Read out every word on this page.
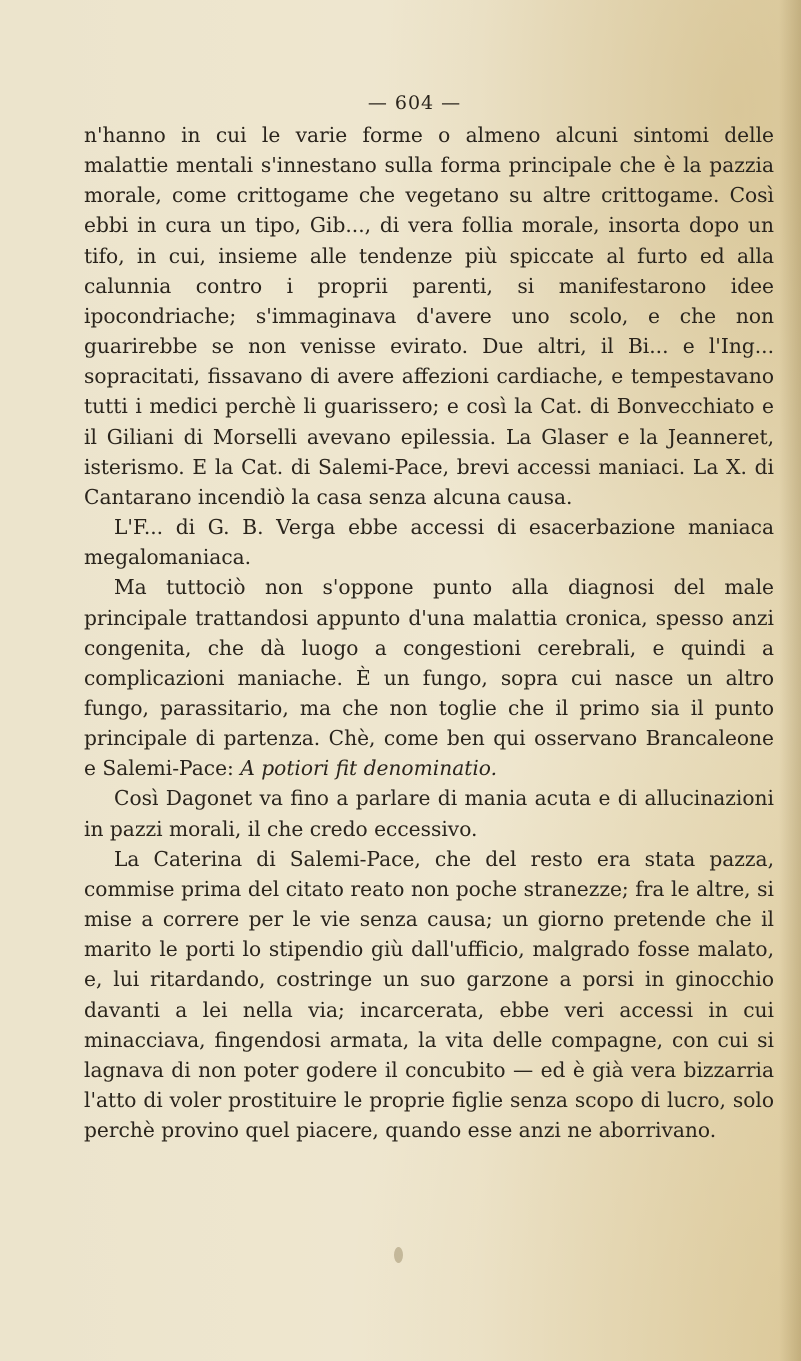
— 604 —

n'hanno in cui le varie forme o almeno alcuni sintomi delle malattie mentali s'innestano sulla forma principale che è la pazzia morale, come crittogame che vegetano su altre crittogame. Così ebbi in cura un tipo, Gib..., di vera follia morale, insorta dopo un tifo, in cui, insieme alle tendenze più spiccate al furto ed alla calunnia contro i proprii parenti, si manifestarono idee ipocondriache; s'immaginava d'avere uno scolo, e che non guarirebbe se non venisse evirato. Due altri, il Bi... e l'Ing... sopracitati, fissavano di avere affezioni cardiache, e tempestavano tutti i medici perchè li guarissero; e così la Cat. di Bonvecchiato e il Giliani di Morselli avevano epilessia. La Glaser e la Jeanneret, isterismo. E la Cat. di Salemi-Pace, brevi accessi maniaci. La X. di Cantarano incendiò la casa senza alcuna causa.

L'F... di G. B. Verga ebbe accessi di esacerbazione maniaca megalomaniaca.

Ma tuttociò non s'oppone punto alla diagnosi del male principale trattandosi appunto d'una malattia cronica, spesso anzi congenita, che dà luogo a congestioni cerebrali, e quindi a complicazioni maniache. È un fungo, sopra cui nasce un altro fungo, parassitario, ma che non toglie che il primo sia il punto principale di partenza. Chè, come ben qui osservano Brancaleone e Salemi-Pace: A potiori fit denominatio.

Così Dagonet va fino a parlare di mania acuta e di allucinazioni in pazzi morali, il che credo eccessivo.

La Caterina di Salemi-Pace, che del resto era stata pazza, commise prima del citato reato non poche stranezze; fra le altre, si mise a correre per le vie senza causa; un giorno pretende che il marito le porti lo stipendio giù dall'ufficio, malgrado fosse malato, e, lui ritardando, costringe un suo garzone a porsi in ginocchio davanti a lei nella via; incarcerata, ebbe veri accessi in cui minacciava, fingendosi armata, la vita delle compagne, con cui si lagnava di non poter godere il concubito — ed è già vera bizzarria l'atto di voler prostituire le proprie figlie senza scopo di lucro, solo perchè provino quel piacere, quando esse anzi ne aborrivano.
